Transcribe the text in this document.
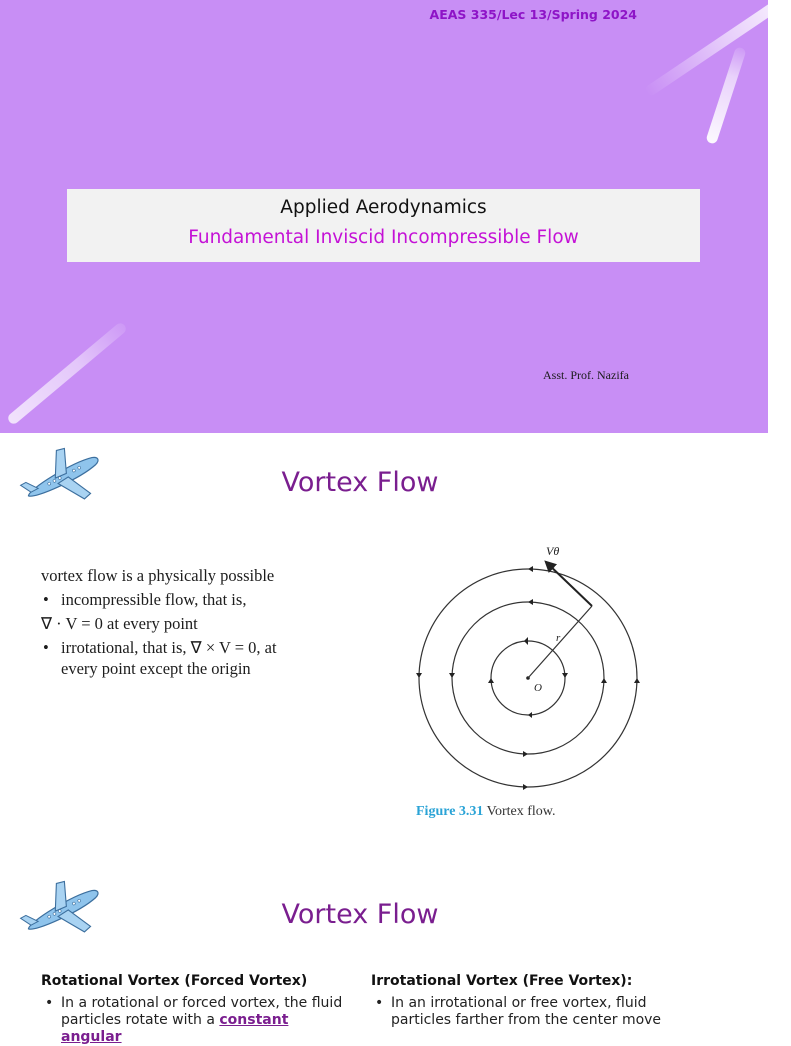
AEAS 335/Lec 13/Spring 2024
Applied Aerodynamics
Fundamental Inviscid Incompressible Flow
Asst. Prof. Nazifa
Vortex Flow
vortex flow is a physically possible
• incompressible flow, that is,
∇ · V = 0 at every point
• irrotational, that is, ∇ × V = 0, at
every point except the origin
Vθ
r
O
Figure 3.31 Vortex flow.
Vortex Flow
Rotational Vortex (Forced Vortex)
• In a rotational or forced vortex, the fluid particles rotate with a constant angular
Irrotational Vortex (Free Vortex):
• In an irrotational or free vortex, fluid particles farther from the center move
